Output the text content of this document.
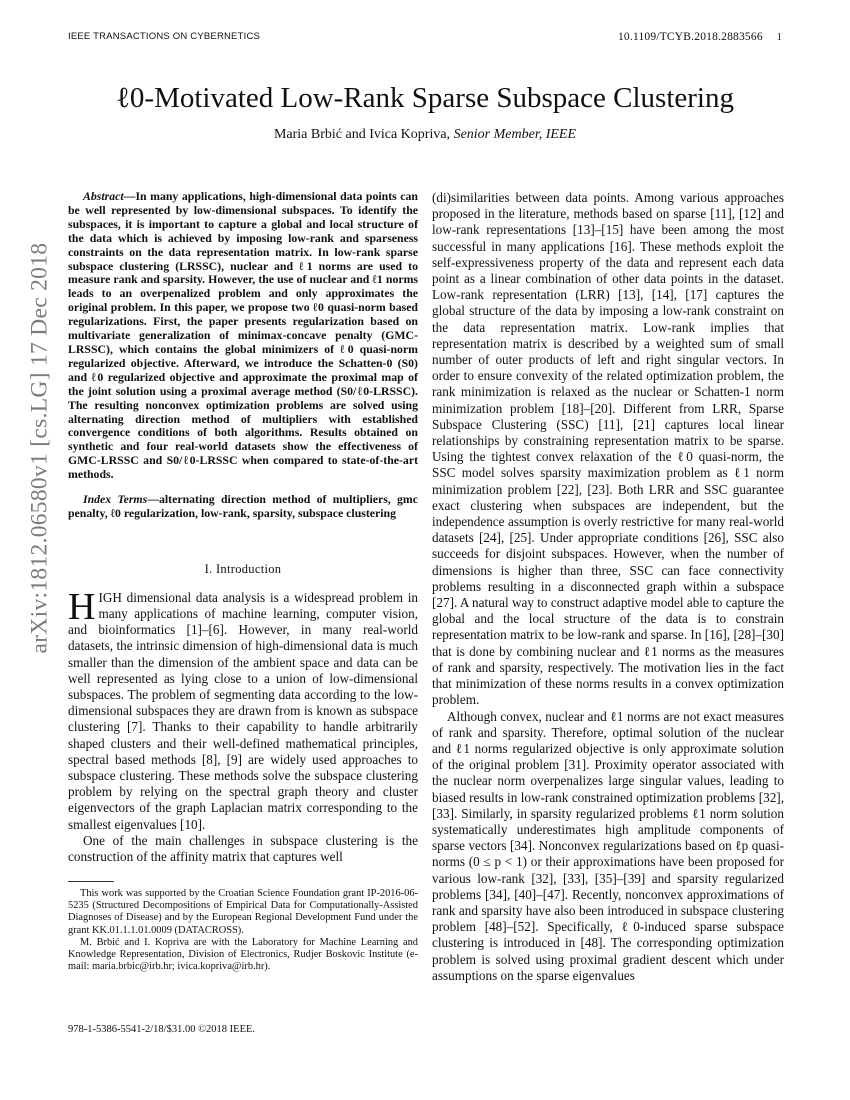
IEEE TRANSACTIONS ON CYBERNETICS	10.1109/TCYB.2018.2883566 1
ℓ0-Motivated Low-Rank Sparse Subspace Clustering
Maria Brbić and Ivica Kopriva, Senior Member, IEEE
arXiv:1812.06580v1 [cs.LG] 17 Dec 2018

Abstract—In many applications, high-dimensional data points can be well represented by low-dimensional subspaces. To identify the subspaces, it is important to capture a global and local structure of the data which is achieved by imposing low-rank and sparseness constraints on the data representation matrix. In low-rank sparse subspace clustering (LRSSC), nuclear and ℓ1 norms are used to measure rank and sparsity. However, the use of nuclear and ℓ1 norms leads to an overpenalized problem and only approximates the original problem. In this paper, we propose two ℓ0 quasi-norm based regularizations. First, the paper presents regularization based on multivariate generalization of minimax-concave penalty (GMC-LRSSC), which contains the global minimizers of ℓ0 quasi-norm regularized objective. Afterward, we introduce the Schatten-0 (S0) and ℓ0 regularized objective and approximate the proximal map of the joint solution using a proximal average method (S0/ℓ0-LRSSC). The resulting nonconvex optimization problems are solved using alternating direction method of multipliers with established convergence conditions of both algorithms. Results obtained on synthetic and four real-world datasets show the effectiveness of GMC-LRSSC and S0/ℓ0-LRSSC when compared to state-of-the-art methods.

Index Terms—alternating direction method of multipliers, gmc penalty, ℓ0 regularization, low-rank, sparsity, subspace clustering

I. Introduction

HIGH dimensional data analysis is a widespread problem in many applications of machine learning, computer vision, and bioinformatics [1]–[6]. However, in many real-world datasets, the intrinsic dimension of high-dimensional data is much smaller than the dimension of the ambient space and data can be well represented as lying close to a union of low-dimensional subspaces. The problem of segmenting data according to the low-dimensional subspaces they are drawn from is known as subspace clustering [7]. Thanks to their capability to handle arbitrarily shaped clusters and their well-defined mathematical principles, spectral based methods [8], [9] are widely used approaches to subspace clustering. These methods solve the subspace clustering problem by relying on the spectral graph theory and cluster eigenvectors of the graph Laplacian matrix corresponding to the smallest eigenvalues [10].

One of the main challenges in subspace clustering is the construction of the affinity matrix that captures well

This work was supported by the Croatian Science Foundation grant IP-2016-06-5235 (Structured Decompositions of Empirical Data for Computationally-Assisted Diagnoses of Disease) and by the European Regional Development Fund under the grant KK.01.1.1.01.0009 (DATACROSS).

M. Brbić and I. Kopriva are with the Laboratory for Machine Learning and Knowledge Representation, Division of Electronics, Rudjer Boskovic Institute (e-mail: maria.brbic@irb.hr; ivica.kopriva@irb.hr).

978-1-5386-5541-2/18/$31.00 ©2018 IEEE.

(di)similarities between data points. Among various approaches proposed in the literature, methods based on sparse [11], [12] and low-rank representations [13]–[15] have been among the most successful in many applications [16]. These methods exploit the self-expressiveness property of the data and represent each data point as a linear combination of other data points in the dataset. Low-rank representation (LRR) [13], [14], [17] captures the global structure of the data by imposing a low-rank constraint on the data representation matrix. Low-rank implies that representation matrix is described by a weighted sum of small number of outer products of left and right singular vectors. In order to ensure convexity of the related optimization problem, the rank minimization is relaxed as the nuclear or Schatten-1 norm minimization problem [18]–[20]. Different from LRR, Sparse Subspace Clustering (SSC) [11], [21] captures local linear relationships by constraining representation matrix to be sparse. Using the tightest convex relaxation of the ℓ0 quasi-norm, the SSC model solves sparsity maximization problem as ℓ1 norm minimization problem [22], [23]. Both LRR and SSC guarantee exact clustering when subspaces are independent, but the independence assumption is overly restrictive for many real-world datasets [24], [25]. Under appropriate conditions [26], SSC also succeeds for disjoint subspaces. However, when the number of dimensions is higher than three, SSC can face connectivity problems resulting in a disconnected graph within a subspace [27]. A natural way to construct adaptive model able to capture the global and the local structure of the data is to constrain representation matrix to be low-rank and sparse. In [16], [28]–[30] that is done by combining nuclear and ℓ1 norms as the measures of rank and sparsity, respectively. The motivation lies in the fact that minimization of these norms results in a convex optimization problem.

Although convex, nuclear and ℓ1 norms are not exact measures of rank and sparsity. Therefore, optimal solution of the nuclear and ℓ1 norms regularized objective is only approximate solution of the original problem [31]. Proximity operator associated with the nuclear norm overpenalizes large singular values, leading to biased results in low-rank constrained optimization problems [32], [33]. Similarly, in sparsity regularized problems ℓ1 norm solution systematically underestimates high amplitude components of sparse vectors [34]. Nonconvex regularizations based on ℓp quasi-norms (0 ≤ p < 1) or their approximations have been proposed for various low-rank [32], [33], [35]–[39] and sparsity regularized problems [34], [40]–[47]. Recently, nonconvex approximations of rank and sparsity have also been introduced in subspace clustering problem [48]–[52]. Specifically, ℓ0-induced sparse subspace clustering is introduced in [48]. The corresponding optimization problem is solved using proximal gradient descent which under assumptions on the sparse eigenvalues
